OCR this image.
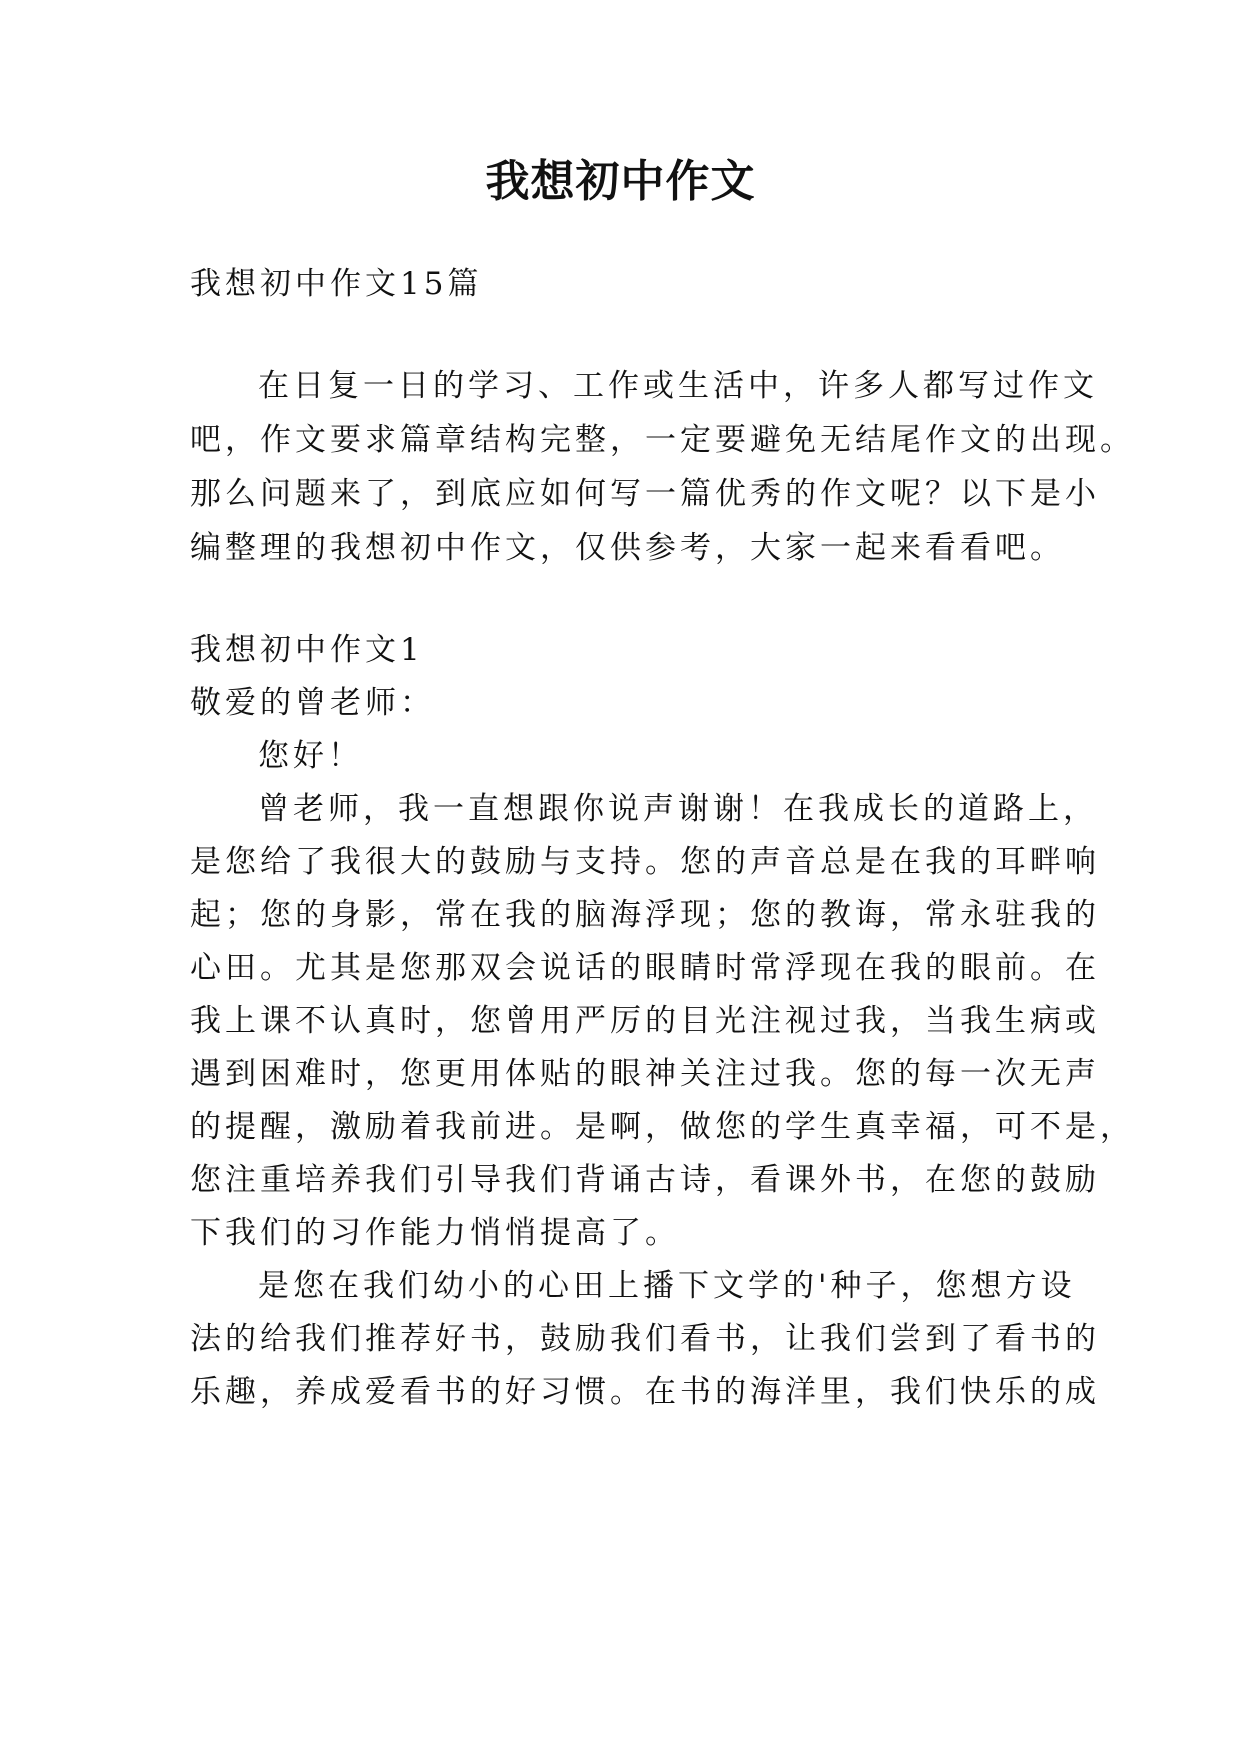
我想初中作文
我想初中作文15篇
在日复一日的学习、工作或生活中，许多人都写过作文
吧，作文要求篇章结构完整，一定要避免无结尾作文的出现。
那么问题来了，到底应如何写一篇优秀的作文呢？以下是小
编整理的我想初中作文，仅供参考，大家一起来看看吧。
我想初中作文1
敬爱的曾老师：
您好！
曾老师，我一直想跟你说声谢谢！在我成长的道路上，
是您给了我很大的鼓励与支持。您的声音总是在我的耳畔响
起；您的身影，常在我的脑海浮现；您的教诲，常永驻我的
心田。尤其是您那双会说话的眼睛时常浮现在我的眼前。在
我上课不认真时，您曾用严厉的目光注视过我，当我生病或
遇到困难时，您更用体贴的眼神关注过我。您的每一次无声
的提醒，激励着我前进。是啊，做您的学生真幸福，可不是，
您注重培养我们引导我们背诵古诗，看课外书，在您的鼓励
下我们的习作能力悄悄提高了。
是您在我们幼小的心田上播下文学的'种子，您想方设
法的给我们推荐好书，鼓励我们看书，让我们尝到了看书的
乐趣，养成爱看书的好习惯。在书的海洋里，我们快乐的成
